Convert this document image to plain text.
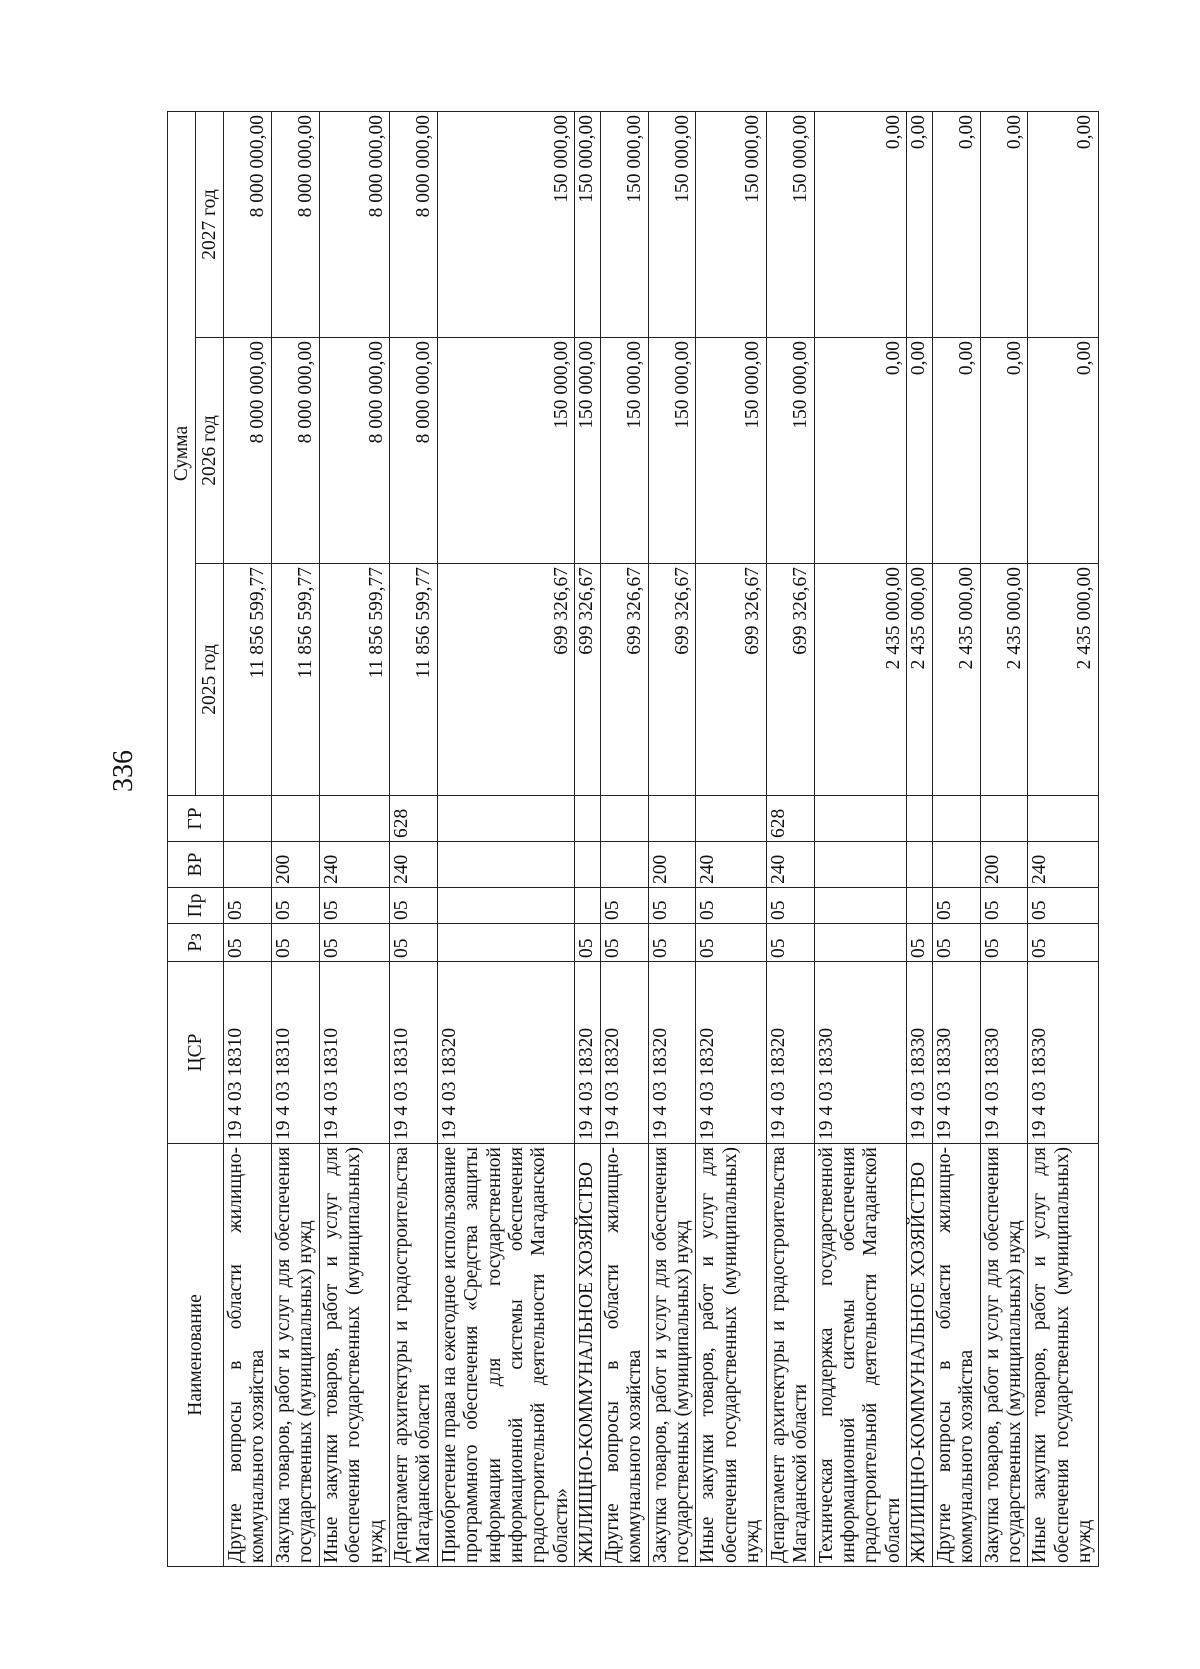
336
Наименование	ЦСР	Рз	Пр	ВР	ГР	Сумма		
						2025 год	2026 год	2027 год
Другие вопросы в области жилищно-коммунального хозяйства	19 4 03 18310	05	05			11 856 599,77	8 000 000,00	8 000 000,00
Закупка товаров, работ и услуг для обеспечения государственных (муниципальных) нужд	19 4 03 18310	05	05	200		11 856 599,77	8 000 000,00	8 000 000,00
Иные закупки товаров, работ и услуг для обеспечения государственных (муниципальных) нужд	19 4 03 18310	05	05	240		11 856 599,77	8 000 000,00	8 000 000,00
Департамент архитектуры и градостроительства Магаданской области	19 4 03 18310	05	05	240	628	11 856 599,77	8 000 000,00	8 000 000,00
Приобретение права на ежегодное использование программного обеспечения «Средства защиты информации для государственной информационной системы обеспечения градостроительной деятельности Магаданской области»	19 4 03 18320					699 326,67	150 000,00	150 000,00
ЖИЛИЩНО-КОММУНАЛЬНОЕ ХОЗЯЙСТВО	19 4 03 18320	05				699 326,67	150 000,00	150 000,00
Другие вопросы в области жилищно-коммунального хозяйства	19 4 03 18320	05	05			699 326,67	150 000,00	150 000,00
Закупка товаров, работ и услуг для обеспечения государственных (муниципальных) нужд	19 4 03 18320	05	05	200		699 326,67	150 000,00	150 000,00
Иные закупки товаров, работ и услуг для обеспечения государственных (муниципальных) нужд	19 4 03 18320	05	05	240		699 326,67	150 000,00	150 000,00
Департамент архитектуры и градостроительства Магаданской области	19 4 03 18320	05	05	240	628	699 326,67	150 000,00	150 000,00
Техническая поддержка государственной информационной системы обеспечения градостроительной деятельности Магаданской области	19 4 03 18330					2 435 000,00	0,00	0,00
ЖИЛИЩНО-КОММУНАЛЬНОЕ ХОЗЯЙСТВО	19 4 03 18330	05				2 435 000,00	0,00	0,00
Другие вопросы в области жилищно-коммунального хозяйства	19 4 03 18330	05	05			2 435 000,00	0,00	0,00
Закупка товаров, работ и услуг для обеспечения государственных (муниципальных) нужд	19 4 03 18330	05	05	200		2 435 000,00	0,00	0,00
Иные закупки товаров, работ и услуг для обеспечения государственных (муниципальных) нужд	19 4 03 18330	05	05	240		2 435 000,00	0,00	0,00
